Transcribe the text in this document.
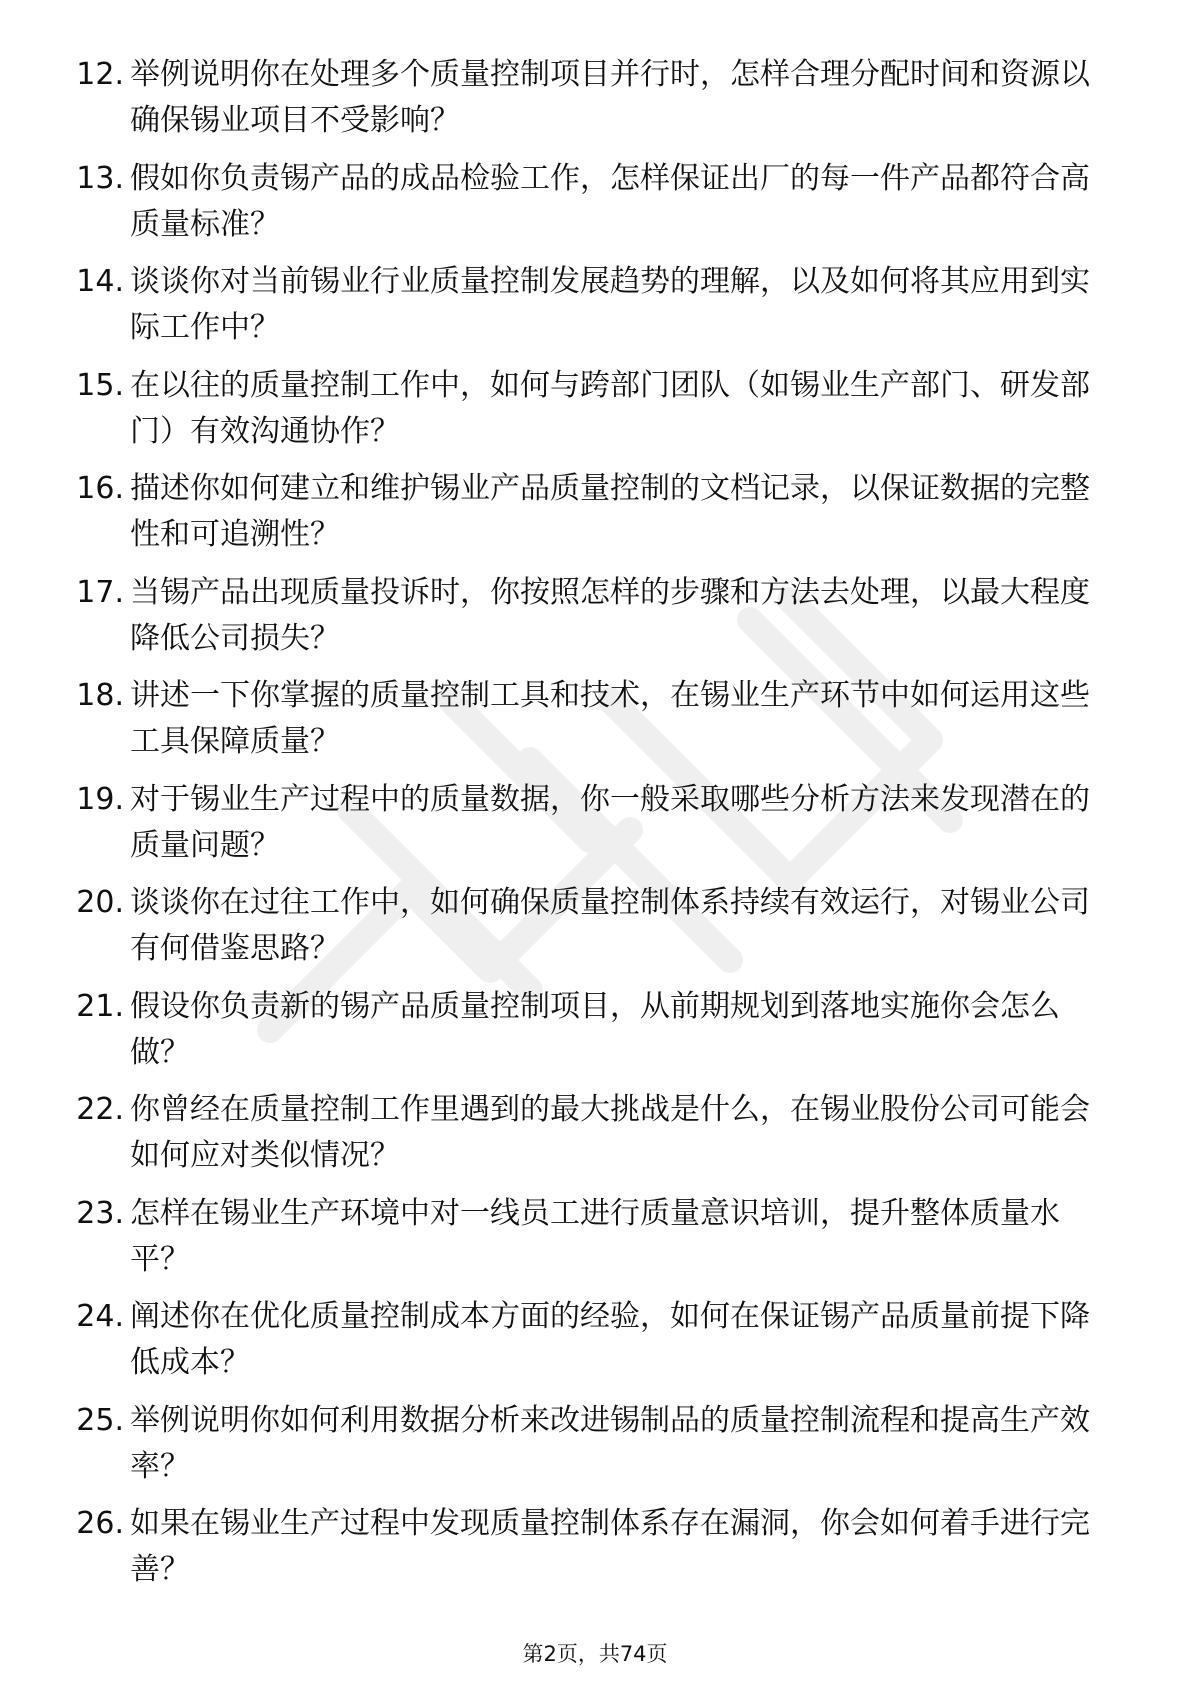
12. 举例说明你在处理多个质量控制项目并行时，怎样合理分配时间和资源以确保锡业项目不受影响？
13. 假如你负责锡产品的成品检验工作，怎样保证出厂的每一件产品都符合高质量标准？
14. 谈谈你对当前锡业行业质量控制发展趋势的理解，以及如何将其应用到实际工作中？
15. 在以往的质量控制工作中，如何与跨部门团队（如锡业生产部门、研发部门）有效沟通协作？
16. 描述你如何建立和维护锡业产品质量控制的文档记录，以保证数据的完整性和可追溯性？
17. 当锡产品出现质量投诉时，你按照怎样的步骤和方法去处理，以最大程度降低公司损失？
18. 讲述一下你掌握的质量控制工具和技术，在锡业生产环节中如何运用这些工具保障质量？
19. 对于锡业生产过程中的质量数据，你一般采取哪些分析方法来发现潜在的质量问题？
20. 谈谈你在过往工作中，如何确保质量控制体系持续有效运行，对锡业公司有何借鉴思路？
21. 假设你负责新的锡产品质量控制项目，从前期规划到落地实施你会怎么做？
22. 你曾经在质量控制工作里遇到的最大挑战是什么，在锡业股份公司可能会如何应对类似情况？
23. 怎样在锡业生产环境中对一线员工进行质量意识培训，提升整体质量水平？
24. 阐述你在优化质量控制成本方面的经验，如何在保证锡产品质量前提下降低成本？
25. 举例说明你如何利用数据分析来改进锡制品的质量控制流程和提高生产效率？
26. 如果在锡业生产过程中发现质量控制体系存在漏洞，你会如何着手进行完善？
第2页，共74页
